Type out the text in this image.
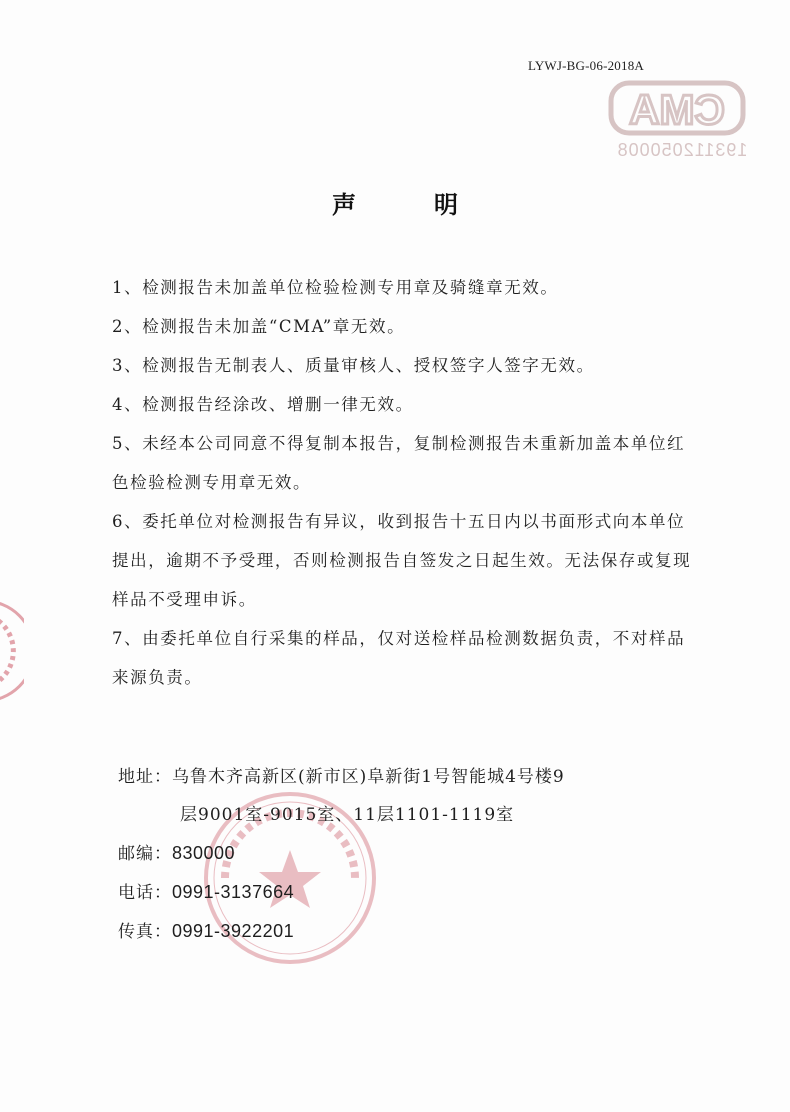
LYWJ-BG-06-2018A
CMA
193112050008
声明

1、检测报告未加盖单位检验检测专用章及骑缝章无效。

2、检测报告未加盖“CMA”章无效。

3、检测报告无制表人、质量审核人、授权签字人签字无效。

4、检测报告经涂改、增删一律无效。

5、未经本公司同意不得复制本报告，复制检测报告未重新加盖本单位红色检验检测专用章无效。

6、委托单位对检测报告有异议，收到报告十五日内以书面形式向本单位提出，逾期不予受理，否则检测报告自签发之日起生效。无法保存或复现样品不受理申诉。

7、由委托单位自行采集的样品，仅对送检样品检测数据负责，不对样品来源负责。

地址：乌鲁木齐高新区(新市区)阜新街1号智能城4号楼9
层9001室-9015室、11层1101-1119室
邮编：830000
电话：0991-3137664
传真：0991-3922201
